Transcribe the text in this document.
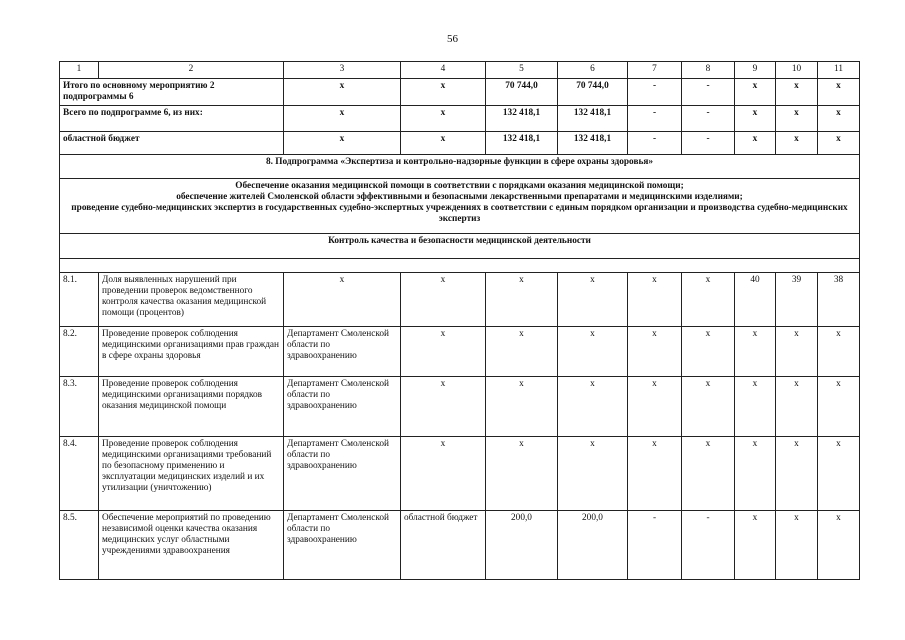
56
1	2	3	4	5	6	7	8	9	10	11
Итого по основному мероприятию 2 подпрограммы 6		х	х	70 744,0	70 744,0	-	-	х	х	х
Всего по подпрограмме 6, из них:		х	х	132 418,1	132 418,1	-	-	х	х	х
областной бюджет		х	х	132 418,1	132 418,1	-	-	х	х	х
8. Подпрограмма «Экспертиза и контрольно-надзорные функции в сфере охраны здоровья»										

Обеспечение оказания медицинской помощи в соответствии с порядками оказания медицинской помощи;
обеспечение жителей Смоленской области эффективными и безопасными лекарственными препаратами и медицинскими изделиями;
проведение судебно-медицинских экспертиз в государственных судебно-экспертных учреждениях в соответствии с единым порядком организации и производства судебно-медицинских экспертиз										

Контроль качества и безопасности медицинской деятельности										

8.1.	Доля выявленных нарушений при проведении проверок ведомственного контроля качества оказания медицинской помощи (процентов)	х	х	х	х	х	х	40	39	38
8.2.	Проведение проверок соблюдения медицинскими организациями прав граждан в сфере охраны здоровья	Департамент Смоленской области по здравоохранению	х	х	х	х	х	х	х	х
8.3.	Проведение проверок соблюдения медицинскими организациями порядков оказания медицинской помощи	Департамент Смоленской области по здравоохранению	х	х	х	х	х	х	х	х
8.4.	Проведение проверок соблюдения медицинскими организациями требований по безопасному применению и эксплуатации медицинских изделий и их утилизации (уничтожению)	Департамент Смоленской области по здравоохранению	х	х	х	х	х	х	х	х
8.5.	Обеспечение мероприятий по проведению независимой оценки качества оказания медицинских услуг областными учреждениями здравоохранения	Департамент Смоленской области по здравоохранению	областной бюджет	200,0	200,0	-	-	х	х	х
